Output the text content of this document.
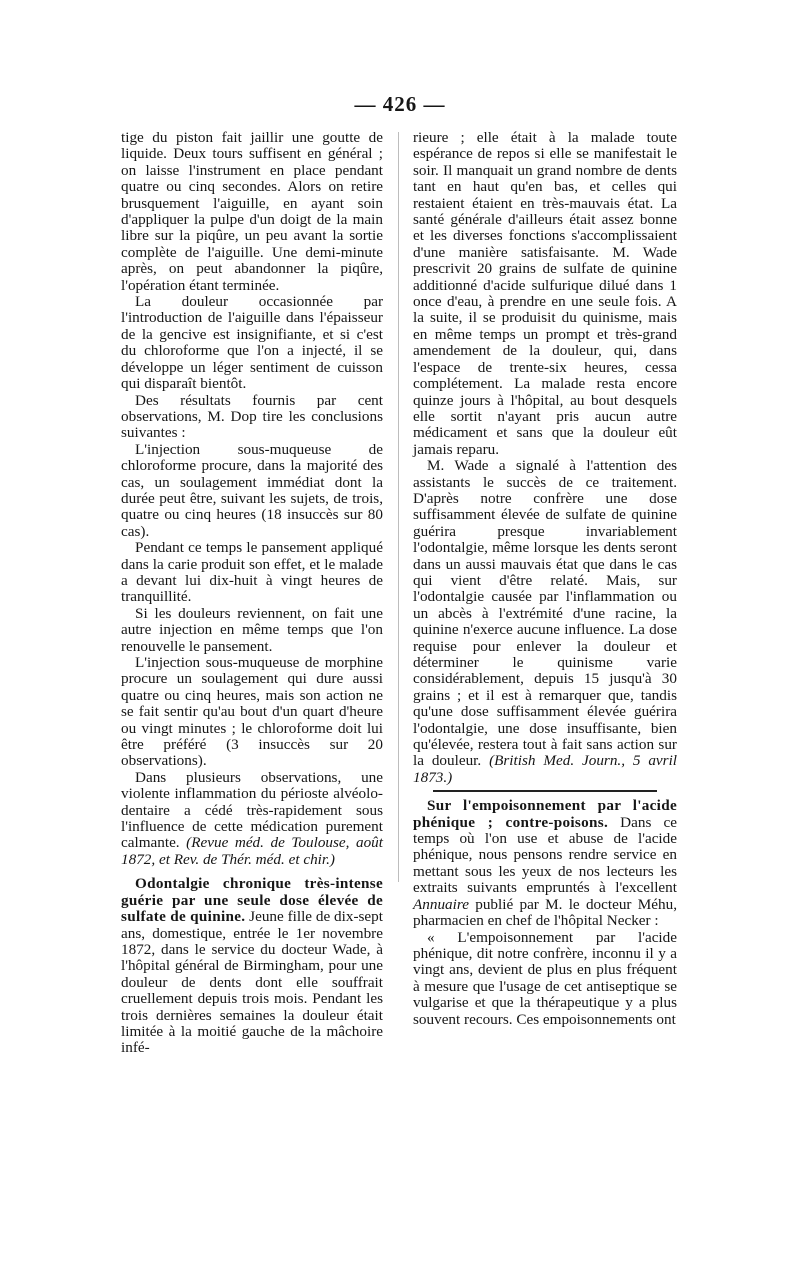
— 426 —

tige du piston fait jaillir une goutte de liquide. Deux tours suffisent en général ; on laisse l'instrument en place pendant quatre ou cinq secondes. Alors on retire brusquement l'aiguille, en ayant soin d'appliquer la pulpe d'un doigt de la main libre sur la piqûre, un peu avant la sortie complète de l'aiguille. Une demi-minute après, on peut abandonner la piqûre, l'opération étant terminée.

La douleur occasionnée par l'introduction de l'aiguille dans l'épaisseur de la gencive est insignifiante, et si c'est du chloroforme que l'on a injecté, il se développe un léger sentiment de cuisson qui disparaît bientôt.

Des résultats fournis par cent observations, M. Dop tire les conclusions suivantes :

L'injection sous-muqueuse de chloroforme procure, dans la majorité des cas, un soulagement immédiat dont la durée peut être, suivant les sujets, de trois, quatre ou cinq heures (18 insuccès sur 80 cas).

Pendant ce temps le pansement appliqué dans la carie produit son effet, et le malade a devant lui dix-huit à vingt heures de tranquillité.

Si les douleurs reviennent, on fait une autre injection en même temps que l'on renouvelle le pansement.

L'injection sous-muqueuse de morphine procure un soulagement qui dure aussi quatre ou cinq heures, mais son action ne se fait sentir qu'au bout d'un quart d'heure ou vingt minutes ; le chloroforme doit lui être préféré (3 insuccès sur 20 observations).

Dans plusieurs observations, une violente inflammation du périoste alvéolo-dentaire a cédé très-rapidement sous l'influence de cette médication purement calmante. (Revue méd. de Toulouse, août 1872, et Rev. de Thér. méd. et chir.)

Odontalgie chronique très-intense guérie par une seule dose élevée de sulfate de quinine. Jeune fille de dix-sept ans, domestique, entrée le 1er novembre 1872, dans le service du docteur Wade, à l'hôpital général de Birmingham, pour une douleur de dents dont elle souffrait cruellement depuis trois mois. Pendant les trois dernières semaines la douleur était limitée à la moitié gauche de la mâchoire infé-

rieure ; elle était à la malade toute espérance de repos si elle se manifestait le soir. Il manquait un grand nombre de dents tant en haut qu'en bas, et celles qui restaient étaient en très-mauvais état. La santé générale d'ailleurs était assez bonne et les diverses fonctions s'accomplissaient d'une manière satisfaisante. M. Wade prescrivit 20 grains de sulfate de quinine additionné d'acide sulfurique dilué dans 1 once d'eau, à prendre en une seule fois. A la suite, il se produisit du quinisme, mais en même temps un prompt et très-grand amendement de la douleur, qui, dans l'espace de trente-six heures, cessa complétement. La malade resta encore quinze jours à l'hôpital, au bout desquels elle sortit n'ayant pris aucun autre médicament et sans que la douleur eût jamais reparu.

M. Wade a signalé à l'attention des assistants le succès de ce traitement. D'après notre confrère une dose suffisamment élevée de sulfate de quinine guérira presque invariablement l'odontalgie, même lorsque les dents seront dans un aussi mauvais état que dans le cas qui vient d'être relaté. Mais, sur l'odontalgie causée par l'inflammation ou un abcès à l'extrémité d'une racine, la quinine n'exerce aucune influence. La dose requise pour enlever la douleur et déterminer le quinisme varie considérablement, depuis 15 jusqu'à 30 grains ; et il est à remarquer que, tandis qu'une dose suffisamment élevée guérira l'odontalgie, une dose insuffisante, bien qu'élevée, restera tout à fait sans action sur la douleur. (British Med. Journ., 5 avril 1873.)

Sur l'empoisonnement par l'acide phénique ; contre-poisons. Dans ce temps où l'on use et abuse de l'acide phénique, nous pensons rendre service en mettant sous les yeux de nos lecteurs les extraits suivants empruntés à l'excellent Annuaire publié par M. le docteur Méhu, pharmacien en chef de l'hôpital Necker :

« L'empoisonnement par l'acide phénique, dit notre confrère, inconnu il y a vingt ans, devient de plus en plus fréquent à mesure que l'usage de cet antiseptique se vulgarise et que la thérapeutique y a plus souvent recours. Ces empoisonnements ont
